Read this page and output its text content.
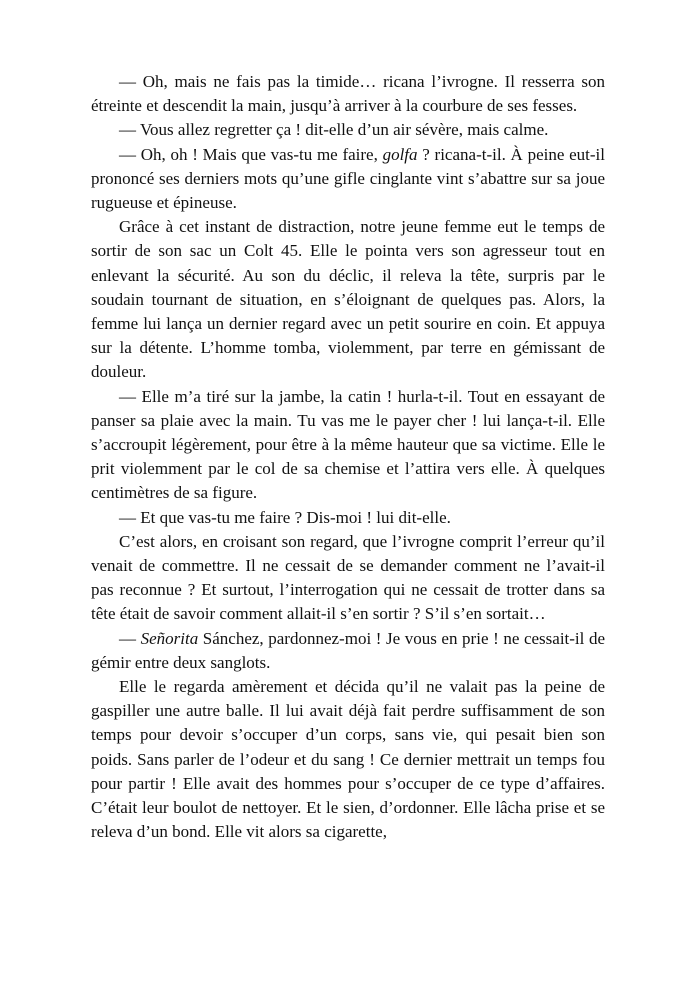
— Oh, mais ne fais pas la timide… ricana l’ivrogne. Il resserra son étreinte et descendit la main, jusqu’à arriver à la courbure de ses fesses.

— Vous allez regretter ça ! dit-elle d’un air sévère, mais calme.

— Oh, oh ! Mais que vas-tu me faire, golfa ? ricana-t-il. À peine eut-il prononcé ses derniers mots qu’une gifle cinglante vint s’abattre sur sa joue rugueuse et épineuse.

Grâce à cet instant de distraction, notre jeune femme eut le temps de sortir de son sac un Colt 45. Elle le pointa vers son agresseur tout en enlevant la sécurité. Au son du déclic, il releva la tête, surpris par le soudain tournant de situation, en s’éloignant de quelques pas. Alors, la femme lui lança un dernier regard avec un petit sourire en coin. Et appuya sur la détente. L’homme tomba, violemment, par terre en gémissant de douleur.

— Elle m’a tiré sur la jambe, la catin ! hurla-t-il. Tout en essayant de panser sa plaie avec la main. Tu vas me le payer cher ! lui lança-t-il. Elle s’accroupit légèrement, pour être à la même hauteur que sa victime. Elle le prit violemment par le col de sa chemise et l’attira vers elle. À quelques centimètres de sa figure.

— Et que vas-tu me faire ? Dis-moi ! lui dit-elle.

C’est alors, en croisant son regard, que l’ivrogne comprit l’erreur qu’il venait de commettre. Il ne cessait de se demander comment ne l’avait-il pas reconnue ? Et surtout, l’interrogation qui ne cessait de trotter dans sa tête était de savoir comment allait-il s’en sortir ? S’il s’en sortait…

— Señorita Sánchez, pardonnez-moi ! Je vous en prie ! ne cessait-il de gémir entre deux sanglots.

Elle le regarda amèrement et décida qu’il ne valait pas la peine de gaspiller une autre balle. Il lui avait déjà fait perdre suffisamment de son temps pour devoir s’occuper d’un corps, sans vie, qui pesait bien son poids. Sans parler de l’odeur et du sang ! Ce dernier mettrait un temps fou pour partir ! Elle avait des hommes pour s’occuper de ce type d’affaires. C’était leur boulot de nettoyer. Et le sien, d’ordonner. Elle lâcha prise et se releva d’un bond. Elle vit alors sa cigarette,
